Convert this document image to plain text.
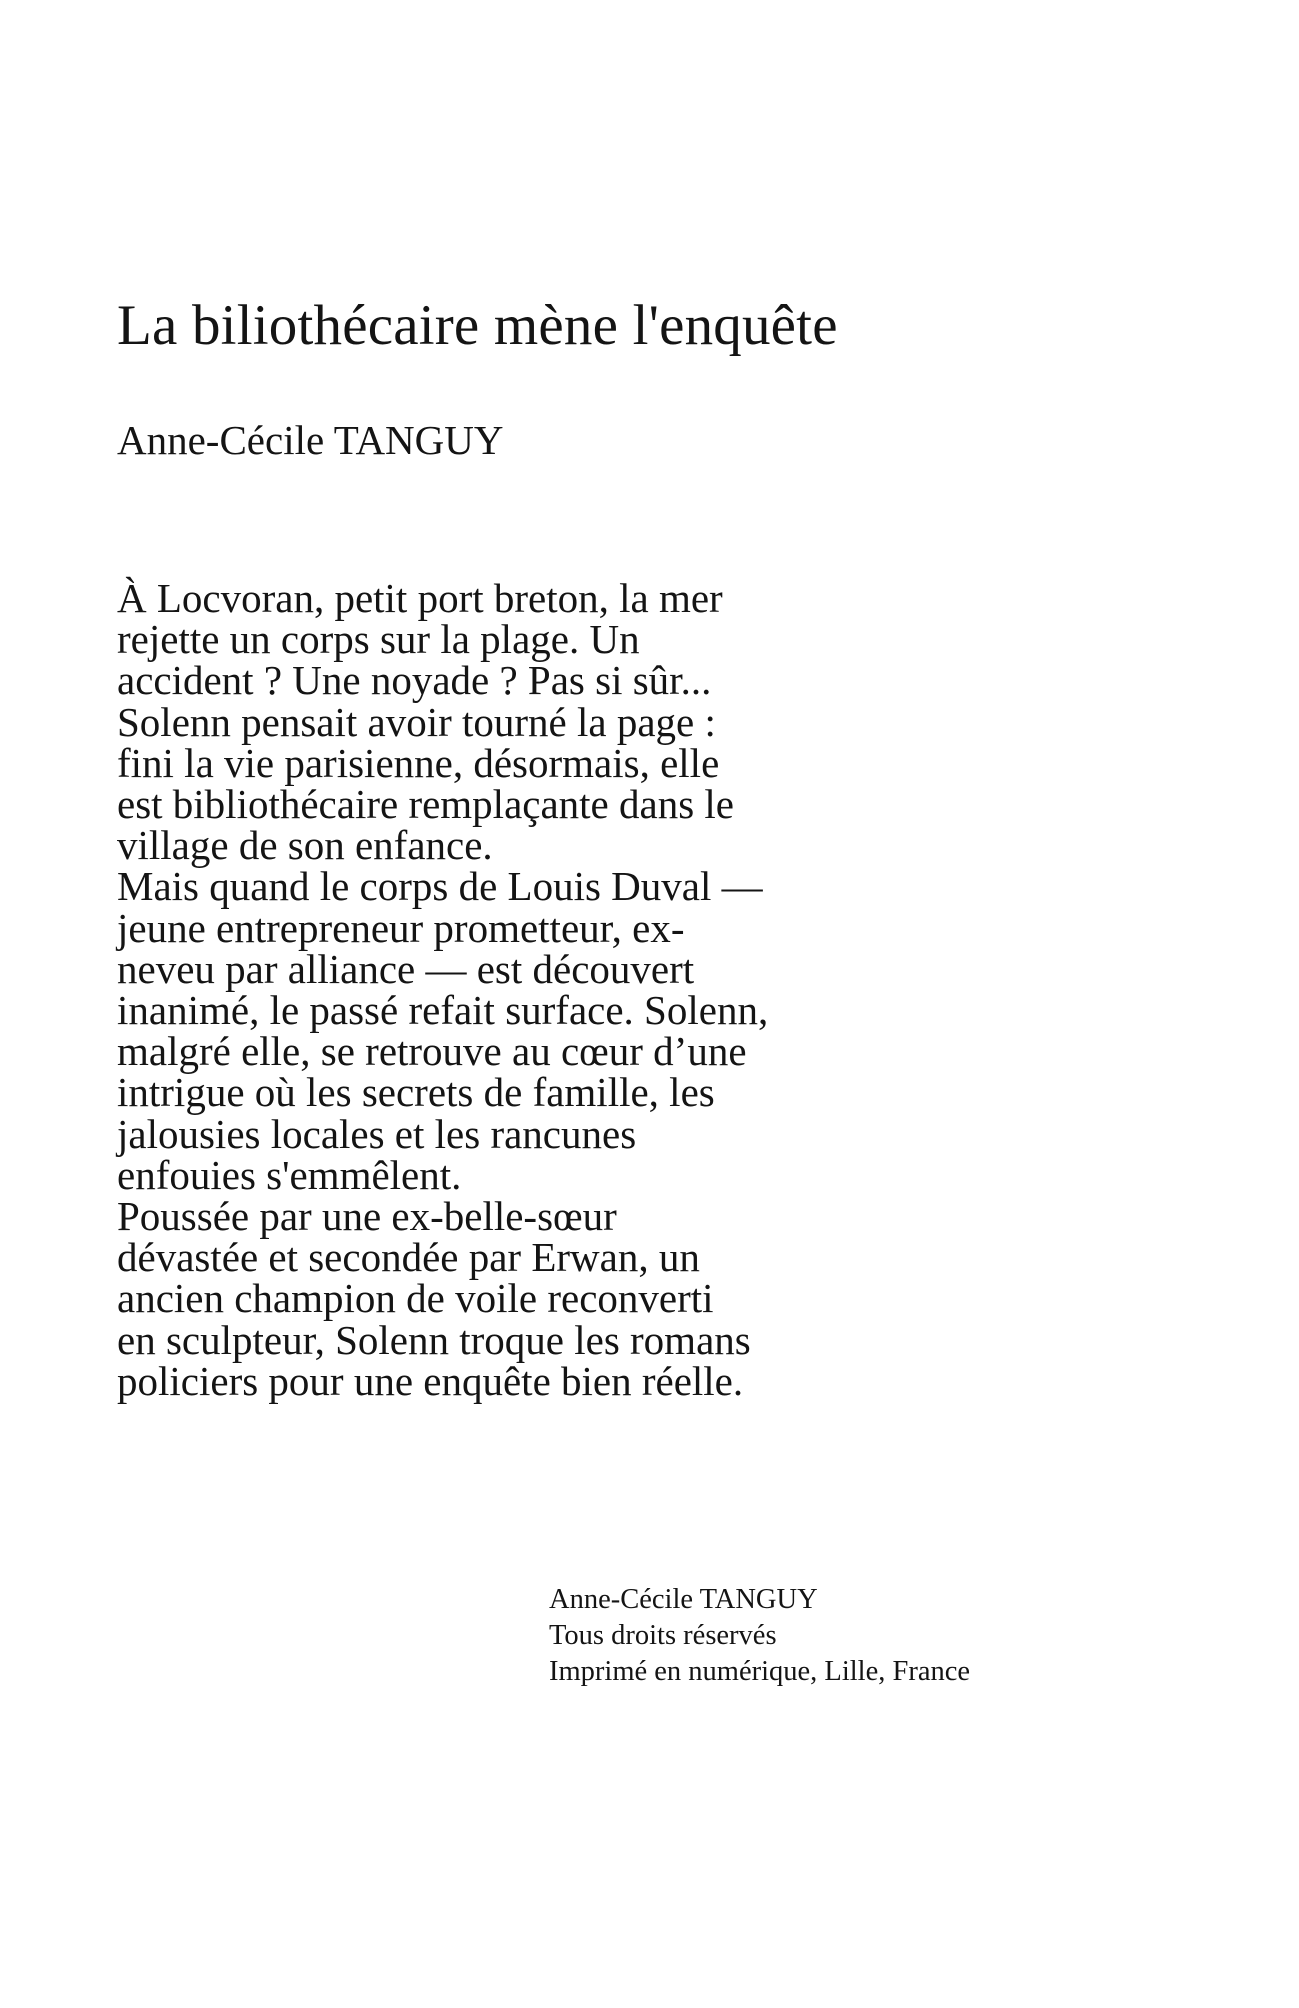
La biliothécaire mène l'enquête
Anne-Cécile TANGUY
À Locvoran, petit port breton, la mer
rejette un corps sur la plage. Un
accident ? Une noyade ? Pas si sûr...
Solenn pensait avoir tourné la page :
fini la vie parisienne, désormais, elle
est bibliothécaire remplaçante dans le
village de son enfance.
Mais quand le corps de Louis Duval —
jeune entrepreneur prometteur, ex-
neveu par alliance — est découvert
inanimé, le passé refait surface. Solenn,
malgré elle, se retrouve au cœur d’une
intrigue où les secrets de famille, les
jalousies locales et les rancunes
enfouies s'emmêlent.
Poussée par une ex-belle-sœur
dévastée et secondée par Erwan, un
ancien champion de voile reconverti
en sculpteur, Solenn troque les romans
policiers pour une enquête bien réelle.
Anne-Cécile TANGUY
Tous droits réservés
Imprimé en numérique, Lille, France
